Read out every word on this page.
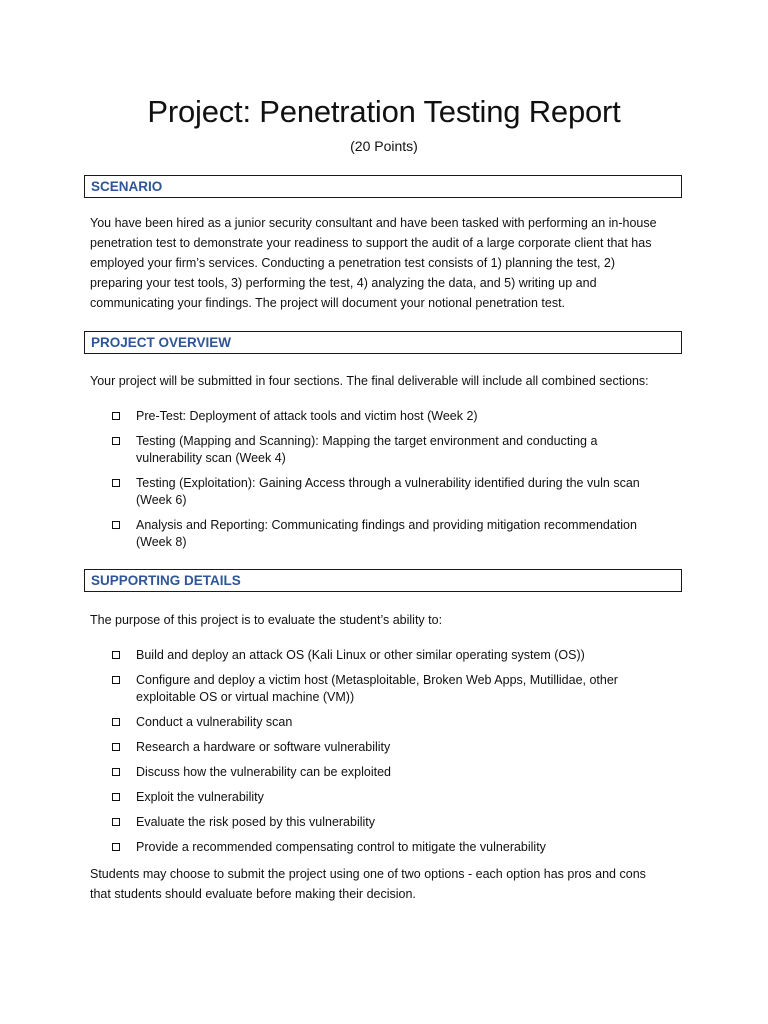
Project: Penetration Testing Report
(20 Points)
SCENARIO
You have been hired as a junior security consultant and have been tasked with performing an in-house
penetration test to demonstrate your readiness to support the audit of a large corporate client that has
employed your firm’s services. Conducting a penetration test consists of 1) planning the test, 2)
preparing your test tools, 3) performing the test, 4) analyzing the data, and 5) writing up and
communicating your findings. The project will document your notional penetration test.
PROJECT OVERVIEW
Your project will be submitted in four sections. The final deliverable will include all combined sections:
Pre-Test: Deployment of attack tools and victim host (Week 2)
Testing (Mapping and Scanning): Mapping the target environment and conducting a
vulnerability scan (Week 4)
Testing (Exploitation): Gaining Access through a vulnerability identified during the vuln scan
(Week 6)
Analysis and Reporting: Communicating findings and providing mitigation recommendation
(Week 8)
SUPPORTING DETAILS
The purpose of this project is to evaluate the student’s ability to:
Build and deploy an attack OS (Kali Linux or other similar operating system (OS))
Configure and deploy a victim host (Metasploitable, Broken Web Apps, Mutillidae, other
exploitable OS or virtual machine (VM))
Conduct a vulnerability scan
Research a hardware or software vulnerability
Discuss how the vulnerability can be exploited
Exploit the vulnerability
Evaluate the risk posed by this vulnerability
Provide a recommended compensating control to mitigate the vulnerability
Students may choose to submit the project using one of two options - each option has pros and cons
that students should evaluate before making their decision.
